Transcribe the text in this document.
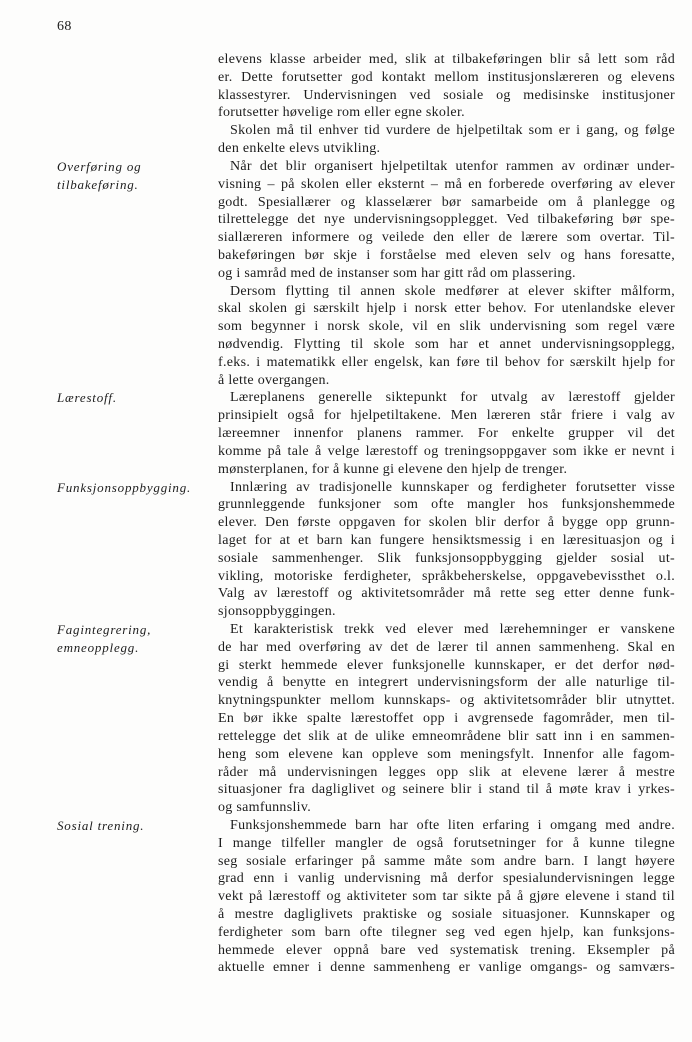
68
elevens klasse arbeider med, slik at tilbakeføringen blir så lett som råd
er. Dette forutsetter god kontakt mellom institusjonslæreren og elevens
klassestyrer. Undervisningen ved sosiale og medisinske institusjoner
forutsetter høvelige rom eller egne skoler.
Skolen må til enhver tid vurdere de hjelpetiltak som er i gang, og følge
den enkelte elevs utvikling.
Overføring og
tilbakeføring.
Når det blir organisert hjelpetiltak utenfor rammen av ordinær under-
visning – på skolen eller eksternt – må en forberede overføring av elever
godt. Spesiallærer og klasselærer bør samarbeide om å planlegge og
tilrettelegge det nye undervisningsopplegget. Ved tilbakeføring bør spe-
siallæreren informere og veilede den eller de lærere som overtar. Til-
bakeføringen bør skje i forståelse med eleven selv og hans foresatte,
og i samråd med de instanser som har gitt råd om plassering.
Dersom flytting til annen skole medfører at elever skifter målform,
skal skolen gi særskilt hjelp i norsk etter behov. For utenlandske elever
som begynner i norsk skole, vil en slik undervisning som regel være
nødvendig. Flytting til skole som har et annet undervisningsopplegg,
f.eks. i matematikk eller engelsk, kan føre til behov for særskilt hjelp for
å lette overgangen.
Lærestoff.	Læreplanens generelle siktepunkt for utvalg av lærestoff gjelder
prinsipielt også for hjelpetiltakene. Men læreren står friere i valg av
læreemner innenfor planens rammer. For enkelte grupper vil det
komme på tale å velge lærestoff og treningsoppgaver som ikke er nevnt i
mønsterplanen, for å kunne gi elevene den hjelp de trenger.
Funksjonsoppbygging.	Innlæring av tradisjonelle kunnskaper og ferdigheter forutsetter visse
grunnleggende funksjoner som ofte mangler hos funksjonshemmede
elever. Den første oppgaven for skolen blir derfor å bygge opp grunn-
laget for at et barn kan fungere hensiktsmessig i en læresituasjon og i
sosiale sammenhenger. Slik funksjonsoppbygging gjelder sosial ut-
vikling, motoriske ferdigheter, språkbeherskelse, oppgavebevissthet o.l.
Valg av lærestoff og aktivitetsområder må rette seg etter denne funk-
sjonsoppbyggingen.
Fagintegrering,
emneopplegg.
Et karakteristisk trekk ved elever med lærehemninger er vanskene
de har med overføring av det de lærer til annen sammenheng. Skal en
gi sterkt hemmede elever funksjonelle kunnskaper, er det derfor nød-
vendig å benytte en integrert undervisningsform der alle naturlige til-
knytningspunkter mellom kunnskaps- og aktivitetsområder blir utnyttet.
En bør ikke spalte lærestoffet opp i avgrensede fagområder, men til-
rettelegge det slik at de ulike emneområdene blir satt inn i en sammen-
heng som elevene kan oppleve som meningsfylt. Innenfor alle fagom-
råder må undervisningen legges opp slik at elevene lærer å mestre
situasjoner fra dagliglivet og seinere blir i stand til å møte krav i yrkes-
og samfunnsliv.
Sosial trening.	Funksjonshemmede barn har ofte liten erfaring i omgang med andre.
I mange tilfeller mangler de også forutsetninger for å kunne tilegne
seg sosiale erfaringer på samme måte som andre barn. I langt høyere
grad enn i vanlig undervisning må derfor spesialundervisningen legge
vekt på lærestoff og aktiviteter som tar sikte på å gjøre elevene i stand til
å mestre dagliglivets praktiske og sosiale situasjoner. Kunnskaper og
ferdigheter som barn ofte tilegner seg ved egen hjelp, kan funksjons-
hemmede elever oppnå bare ved systematisk trening. Eksempler på
aktuelle emner i denne sammenheng er vanlige omgangs- og samværs-
